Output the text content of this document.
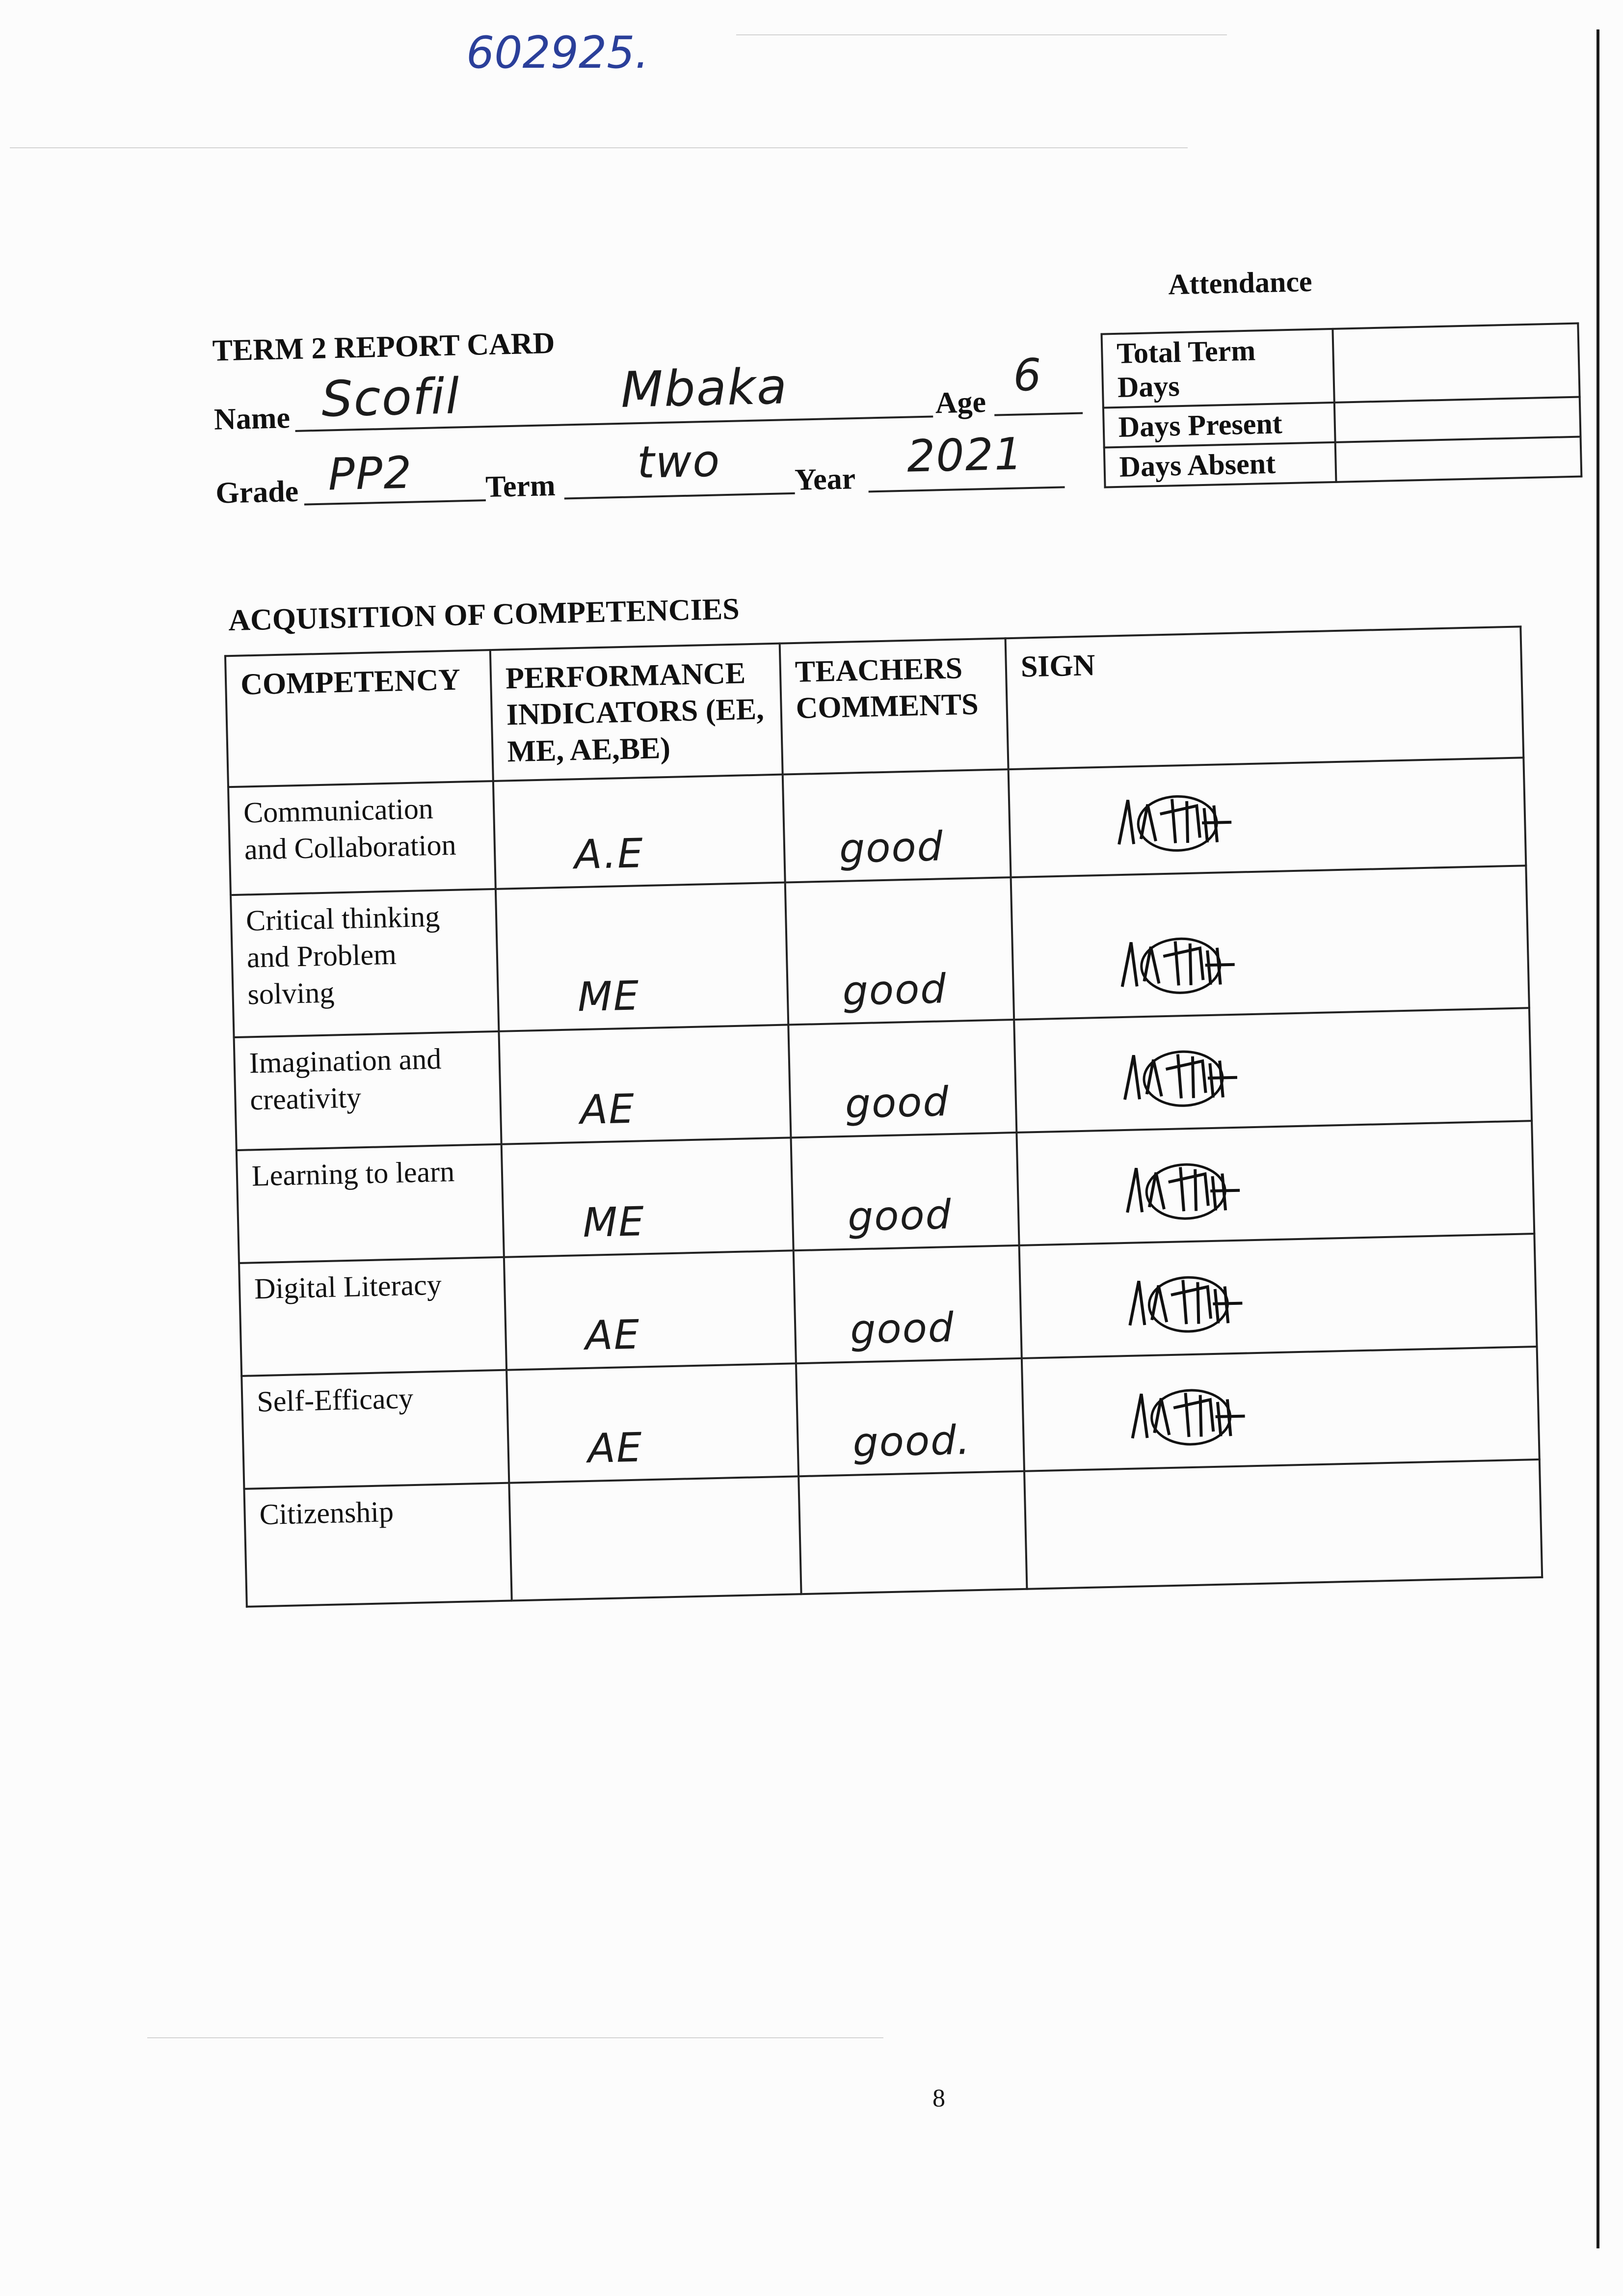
602925.
TERM 2 REPORT CARD
Name Scofil	Mbaka	Age
6
Grade PP2 Term two Year 2021
Attendance
Total Term Days	
Days Present	
Days Absent	
ACQUISITION OF COMPETENCIES
COMPETENCY	PERFORMANCE INDICATORS (EE, ME, AE,BE)	TEACHERS COMMENTS	SIGN
Communication and Collaboration	A.E	good

Critical thinking and Problem solving	ME	good

Imagination and creativity	AE	good

Learning to learn	ME	good

Digital Literacy	AE	good

Self-Efficacy	AE	good.

Citizenship	

8
